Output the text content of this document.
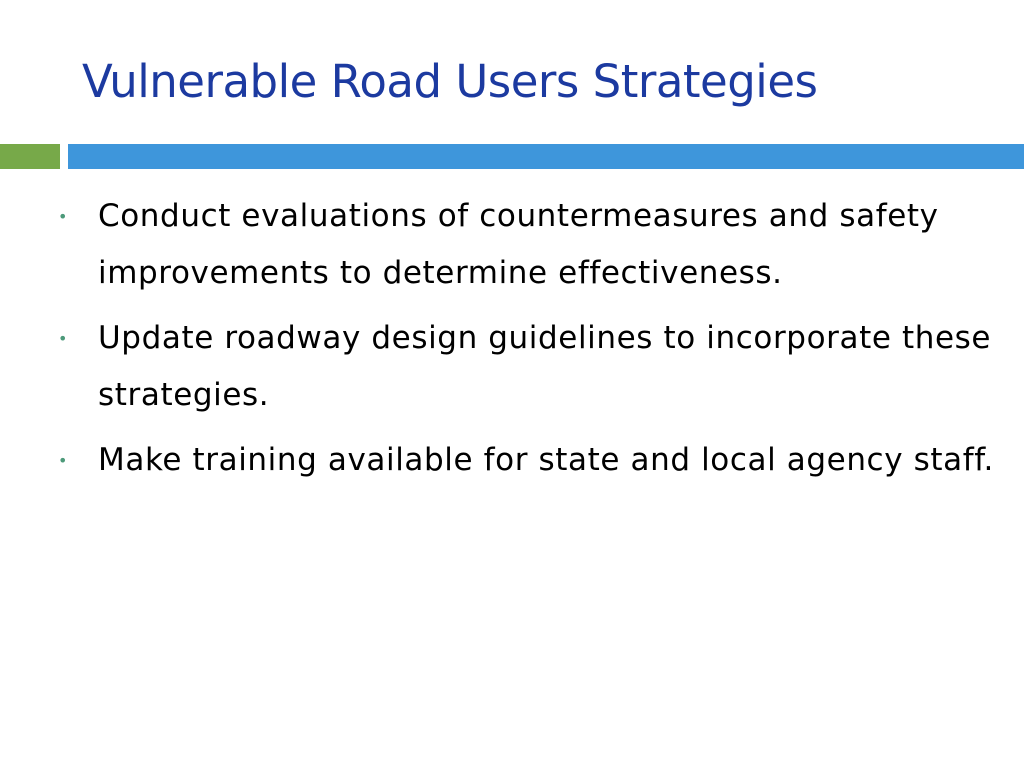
Vulnerable Road Users Strategies
• Conduct evaluations of countermeasures and safety improvements to determine effectiveness.
• Update roadway design guidelines to incorporate these strategies.
• Make training available for state and local agency staff.
